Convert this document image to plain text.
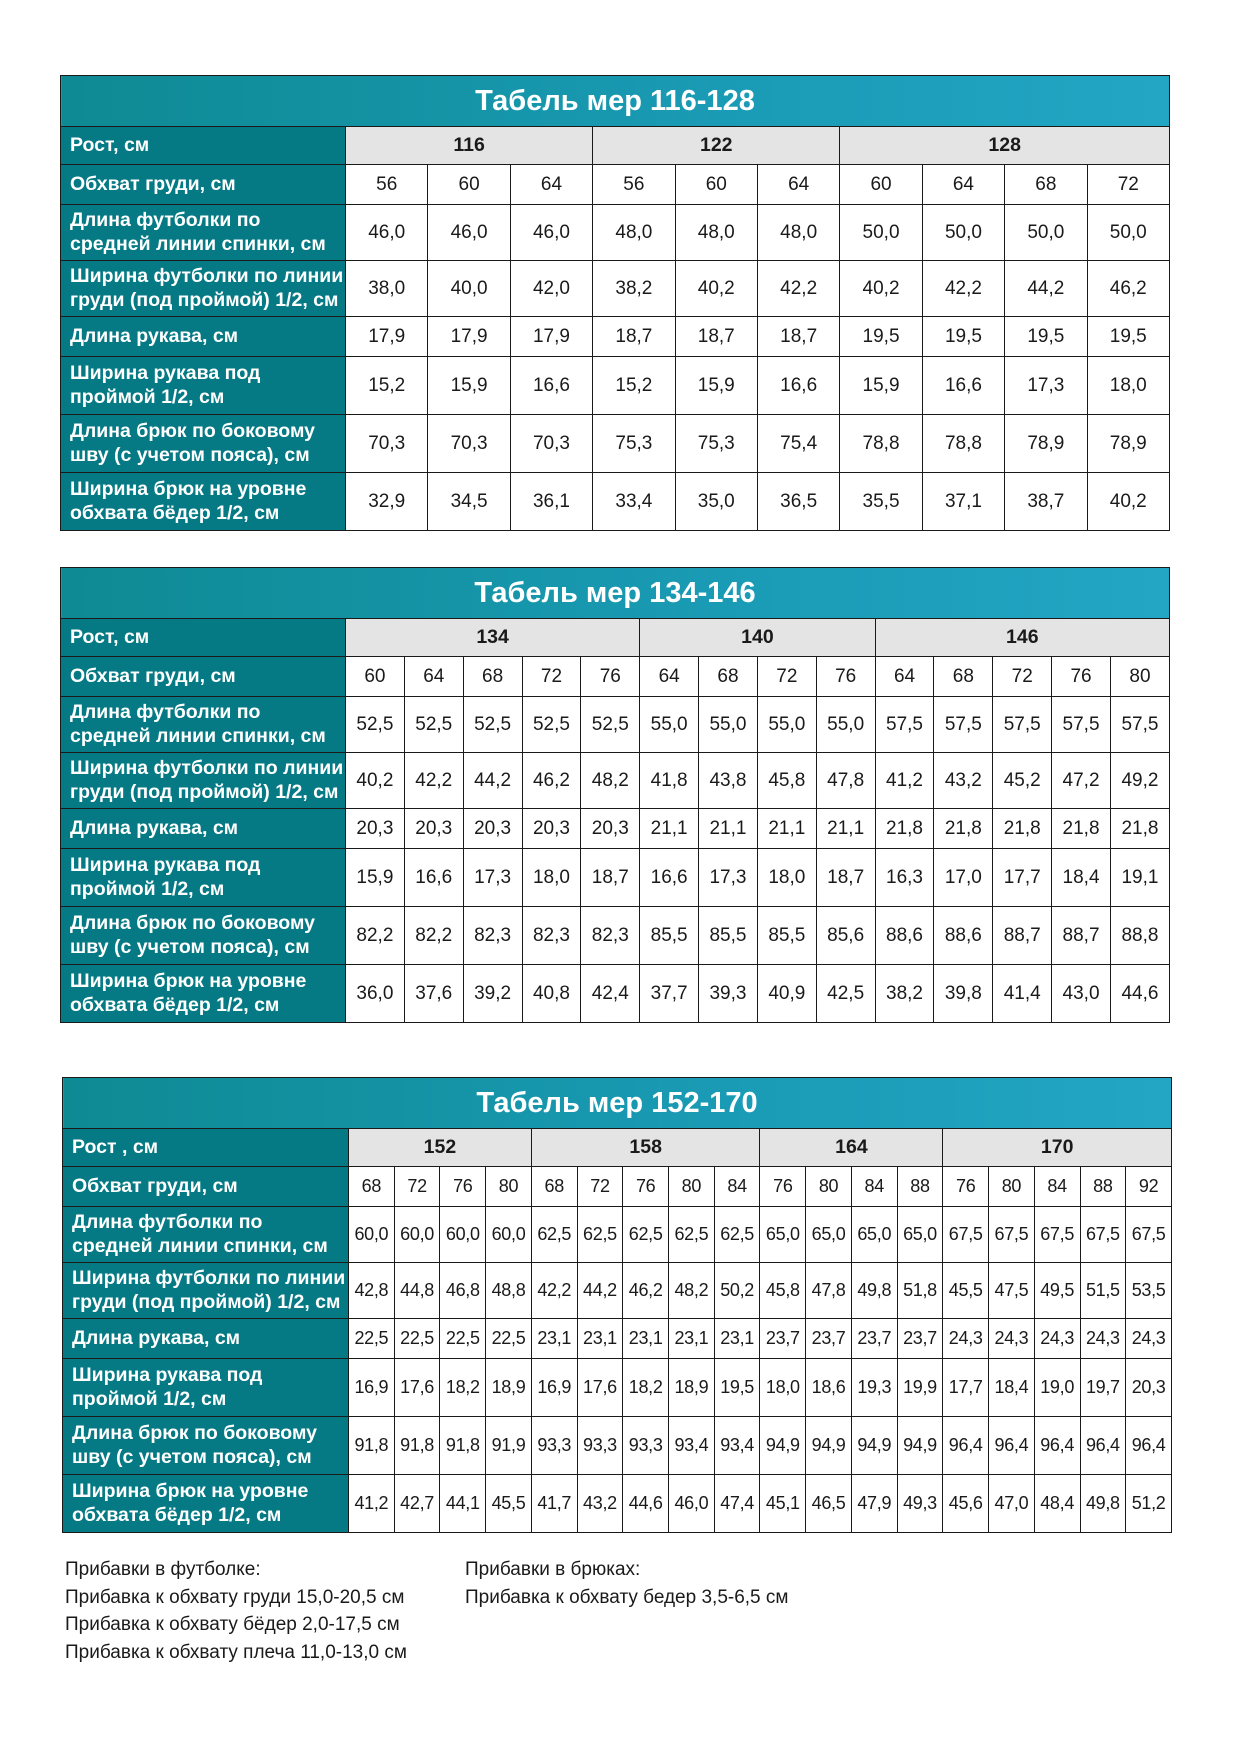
Табель мер 116-128										
Рост, см	116			122			128			
Обхват груди, см	56	60	64	56	60	64	60	64	68	72
Длина футболки по
средней линии спинки, см	46,0	46,0	46,0	48,0	48,0	48,0	50,0	50,0	50,0	50,0
Ширина футболки по линии
груди (под проймой) 1/2, см	38,0	40,0	42,0	38,2	40,2	42,2	40,2	42,2	44,2	46,2
Длина рукава, см	17,9	17,9	17,9	18,7	18,7	18,7	19,5	19,5	19,5	19,5
Ширина рукава под
проймой 1/2, см	15,2	15,9	16,6	15,2	15,9	16,6	15,9	16,6	17,3	18,0
Длина брюк по боковому
шву (с учетом пояса), см	70,3	70,3	70,3	75,3	75,3	75,4	78,8	78,8	78,9	78,9
Ширина брюк на уровне
обхвата бёдер 1/2, см	32,9	34,5	36,1	33,4	35,0	36,5	35,5	37,1	38,7	40,2
Табель мер 134-146														
Рост, см	134					140				146				
Обхват груди, см	60	64	68	72	76	64	68	72	76	64	68	72	76	80
Длина футболки по
средней линии спинки, см	52,5	52,5	52,5	52,5	52,5	55,0	55,0	55,0	55,0	57,5	57,5	57,5	57,5	57,5
Ширина футболки по линии
груди (под проймой) 1/2, см	40,2	42,2	44,2	46,2	48,2	41,8	43,8	45,8	47,8	41,2	43,2	45,2	47,2	49,2
Длина рукава, см	20,3	20,3	20,3	20,3	20,3	21,1	21,1	21,1	21,1	21,8	21,8	21,8	21,8	21,8
Ширина рукава под
проймой 1/2, см	15,9	16,6	17,3	18,0	18,7	16,6	17,3	18,0	18,7	16,3	17,0	17,7	18,4	19,1
Длина брюк по боковому
шву (с учетом пояса), см	82,2	82,2	82,3	82,3	82,3	85,5	85,5	85,5	85,6	88,6	88,6	88,7	88,7	88,8
Ширина брюк на уровне
обхвата бёдер 1/2, см	36,0	37,6	39,2	40,8	42,4	37,7	39,3	40,9	42,5	38,2	39,8	41,4	43,0	44,6
Табель мер 152-170																		
Рост , см	152				158					164				170				
Обхват груди, см	68	72	76	80	68	72	76	80	84	76	80	84	88	76	80	84	88	92
Длина футболки по
средней линии спинки, см	60,0	60,0	60,0	60,0	62,5	62,5	62,5	62,5	62,5	65,0	65,0	65,0	65,0	67,5	67,5	67,5	67,5	67,5
Ширина футболки по линии
груди (под проймой) 1/2, см	42,8	44,8	46,8	48,8	42,2	44,2	46,2	48,2	50,2	45,8	47,8	49,8	51,8	45,5	47,5	49,5	51,5	53,5
Длина рукава, см	22,5	22,5	22,5	22,5	23,1	23,1	23,1	23,1	23,1	23,7	23,7	23,7	23,7	24,3	24,3	24,3	24,3	24,3
Ширина рукава под
проймой 1/2, см	16,9	17,6	18,2	18,9	16,9	17,6	18,2	18,9	19,5	18,0	18,6	19,3	19,9	17,7	18,4	19,0	19,7	20,3
Длина брюк по боковому
шву (с учетом пояса), см	91,8	91,8	91,8	91,9	93,3	93,3	93,3	93,4	93,4	94,9	94,9	94,9	94,9	96,4	96,4	96,4	96,4	96,4
Ширина брюк на уровне
обхвата бёдер 1/2, см	41,2	42,7	44,1	45,5	41,7	43,2	44,6	46,0	47,4	45,1	46,5	47,9	49,3	45,6	47,0	48,4	49,8	51,2
Прибавки в футболке:
Прибавка к обхвату груди 15,0-20,5 см
Прибавка к обхвату бёдер 2,0-17,5 см
Прибавка к обхвату плеча 11,0-13,0 см
Прибавки в брюках:
Прибавка к обхвату бедер 3,5-6,5 см
